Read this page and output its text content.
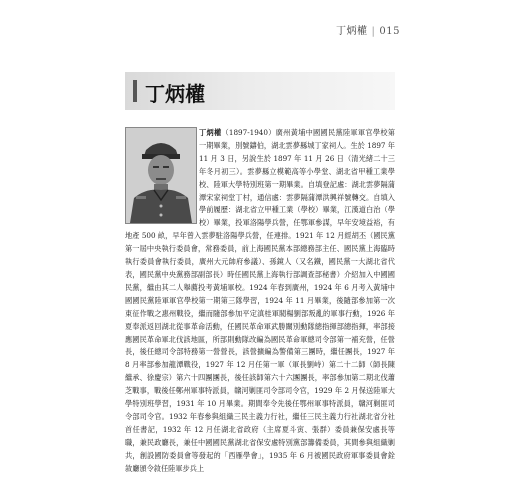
丁炳權 | 015
丁炳權
丁炳權（1897-1940）廣州黃埔中國國民黨陸軍軍官學校第一期畢業，別號鑄伯，湖北雲夢縣城丁家祠人。生於 1897 年 11 月 3 日，另說生於 1897 年 11 月 26 日（清光緒二十三年冬月初三）。雲夢縣立模範高等小學堂、湖北省甲種工業學校、陸軍大學特別班第一期畢業。自填登記處：湖北雲夢隔蒲潭宋家祠堂丁村，通信處：雲夢隔蒲潭洪興祥號轉交。自填入學前履歷：湖北省立甲種工業（學校）畢業，江漢道白治（學校）畢業，投軍洛陽學兵營，任鄂軍參謀，早年安境益裕，有地產 500 畝，早年曾入雲夢駐洛陽學兵營，任連排。1921 年 12 月經胡丕（國民黨第一屆中央執行委員會，常務委員，前上海國民黨本部總務部主任、國民黨上海臨時執行委員會執行委員，廣州大元帥府參議）、孫鏡人（又名鐵，國民黨一大湖北省代表，國民黨中央黨務部副部長）時任國民黨上海執行部調查部秘書）介紹加入中國國民黨，繼由其二人舉薦投考黃埔軍校。1924 年春到廣州，1924 年 6 月考入黃埔中國國民黨陸軍軍官學校第一期第三隊學習，1924 年 11 月畢業，後隨部參加第一次東征作戰之惠州戰役，繼而隨部參加平定滇桂軍閥楊劉部叛亂的軍事行動，1926 年夏奉派返回湖北從事革命活動，任國民革命軍武勝關別動隊總指揮部總指揮，率部接應國民革命軍北伐該地區，所部則動隊改編為國民革命軍總司令部第一補充營，任營長，後任總司令部特務第一營營長，該營擴編為警備第三團時，繼任團長，1927 年 8 月率部參加龍潭戰役，1927 年 12 月任第一軍（軍長劉峙）第二十二師（師長陳繼承、徐慶宗）第六十四團團長，後任該師第六十六團團長，率部參加第二期北伐蕭芝戰事，戰後任鄭州軍事特派員，贛河剿匪司令部司令官，1929 年 2 月保送陸軍大學特別班學習，1931 年 10 月畢業。期間奉令先後任鄂州軍事特派員，贛河剿匪司令部司令官。1932 年春參與組織三民主義力行社，繼任三民主義力行社湖北省分社首任書記，1932 年 12 月任湖北省政府（主席夏斗寅、張群）委員兼保安處長等職，兼民政廳長，兼任中國國民黨湖北省保安處特別黨部籌備委員，其間參與組織剿共，創設國防委員會等發起的「西雁學會」，1935 年 6 月被國民政府軍事委員會銓敘廳頒令敘任陸軍步兵上
